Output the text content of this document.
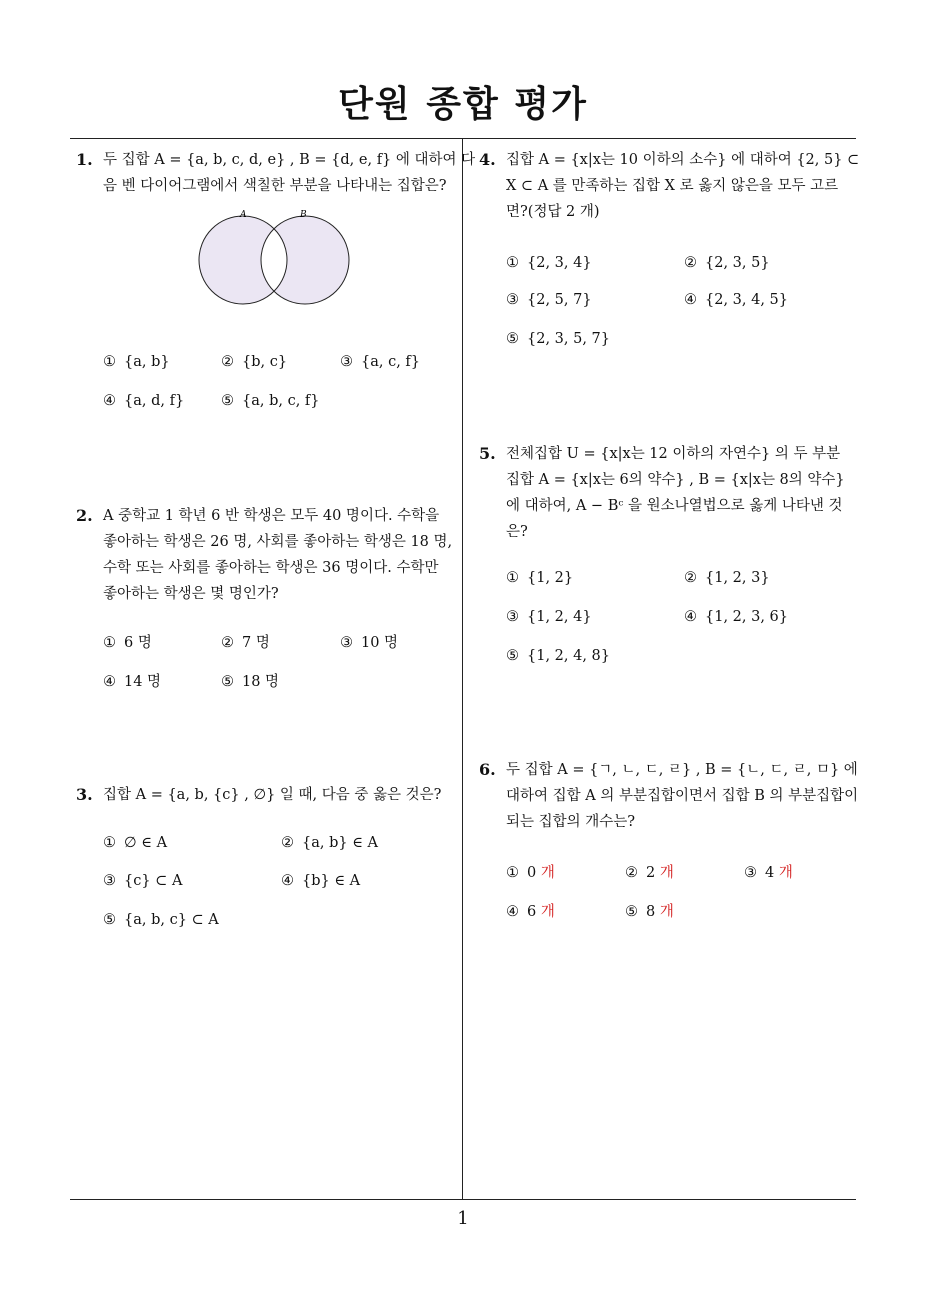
단원 종합 평가
1
1. 두 집합 A = {a, b, c, d, e} , B = {d, e, f} 에 대하여 다
음 벤 다이어그램에서 색칠한 부분을 나타내는 집합은?
A	B
① {a, b}	② {b, c}	③ {a, c, f}
④ {a, d, f}	⑤ {a, b, c, f}
2. A 중학교 1 학년 6 반 학생은 모두 40 명이다. 수학을
좋아하는 학생은 26 명, 사회를 좋아하는 학생은 18 명,
수학 또는 사회를 좋아하는 학생은 36 명이다. 수학만
좋아하는 학생은 몇 명인가?
① 6 명	② 7 명	③ 10 명
④ 14 명	⑤ 18 명
3. 집합 A = {a, b, {c} , ∅} 일 때, 다음 중 옳은 것은?
① ∅ ∈ A	② {a, b} ∈ A
③ {c} ⊂ A	④ {b} ∈ A
⑤ {a, b, c} ⊂ A
4. 집합 A = {x|x는 10 이하의 소수} 에 대하여 {2, 5} ⊂
X ⊂ A 를 만족하는 집합 X 로 옳지 않은을 모두 고르
면?(정답 2 개)
① {2, 3, 4}	② {2, 3, 5}
③ {2, 5, 7}	④ {2, 3, 4, 5}
⑤ {2, 3, 5, 7}
5. 전체집합 U = {x|x는 12 이하의 자연수} 의 두 부분
집합 A = {x|x는 6의 약수} , B = {x|x는 8의 약수}
에 대하여, A − Bᶜ 을 원소나열법으로 옳게 나타낸 것
은?
① {1, 2}	② {1, 2, 3}
③ {1, 2, 4}	④ {1, 2, 3, 6}
⑤ {1, 2, 4, 8}
6. 두 집합 A = {ㄱ, ㄴ, ㄷ, ㄹ} , B = {ㄴ, ㄷ, ㄹ, ㅁ} 에
대하여 집합 A 의 부분집합이면서 집합 B 의 부분집합이
되는 집합의 개수는?
① 0 개	② 2 개	③ 4 개
④ 6 개	⑤ 8 개
